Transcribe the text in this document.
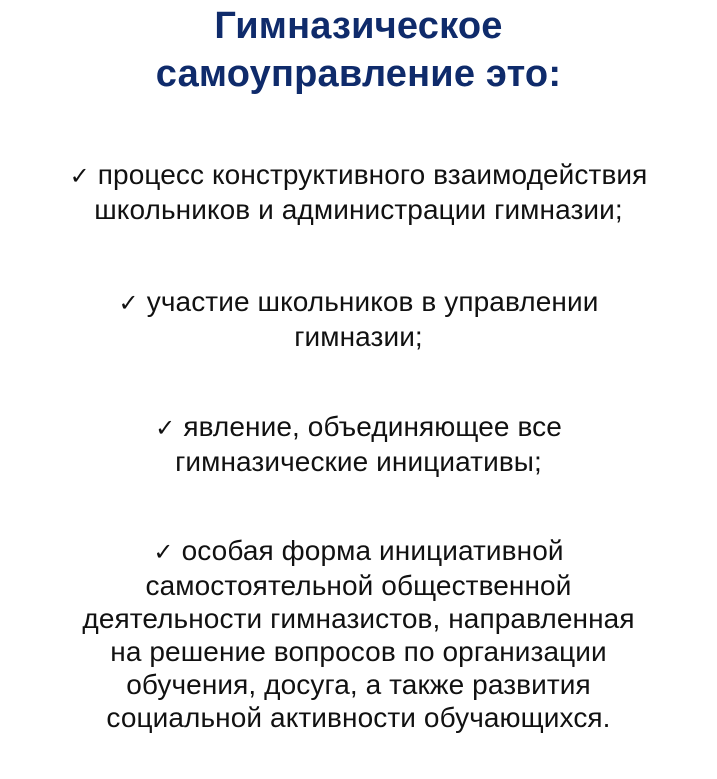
Гимназическое
самоуправление это:
✓ процесс конструктивного взаимодействия
школьников и администрации гимназии;
✓ участие школьников в управлении
гимназии;
✓ явление, объединяющее все
гимназические инициативы;
✓ особая форма инициативной
самостоятельной общественной
деятельности гимназистов, направленная
на решение вопросов по организации
обучения, досуга, а также развития
социальной активности обучающихся.
